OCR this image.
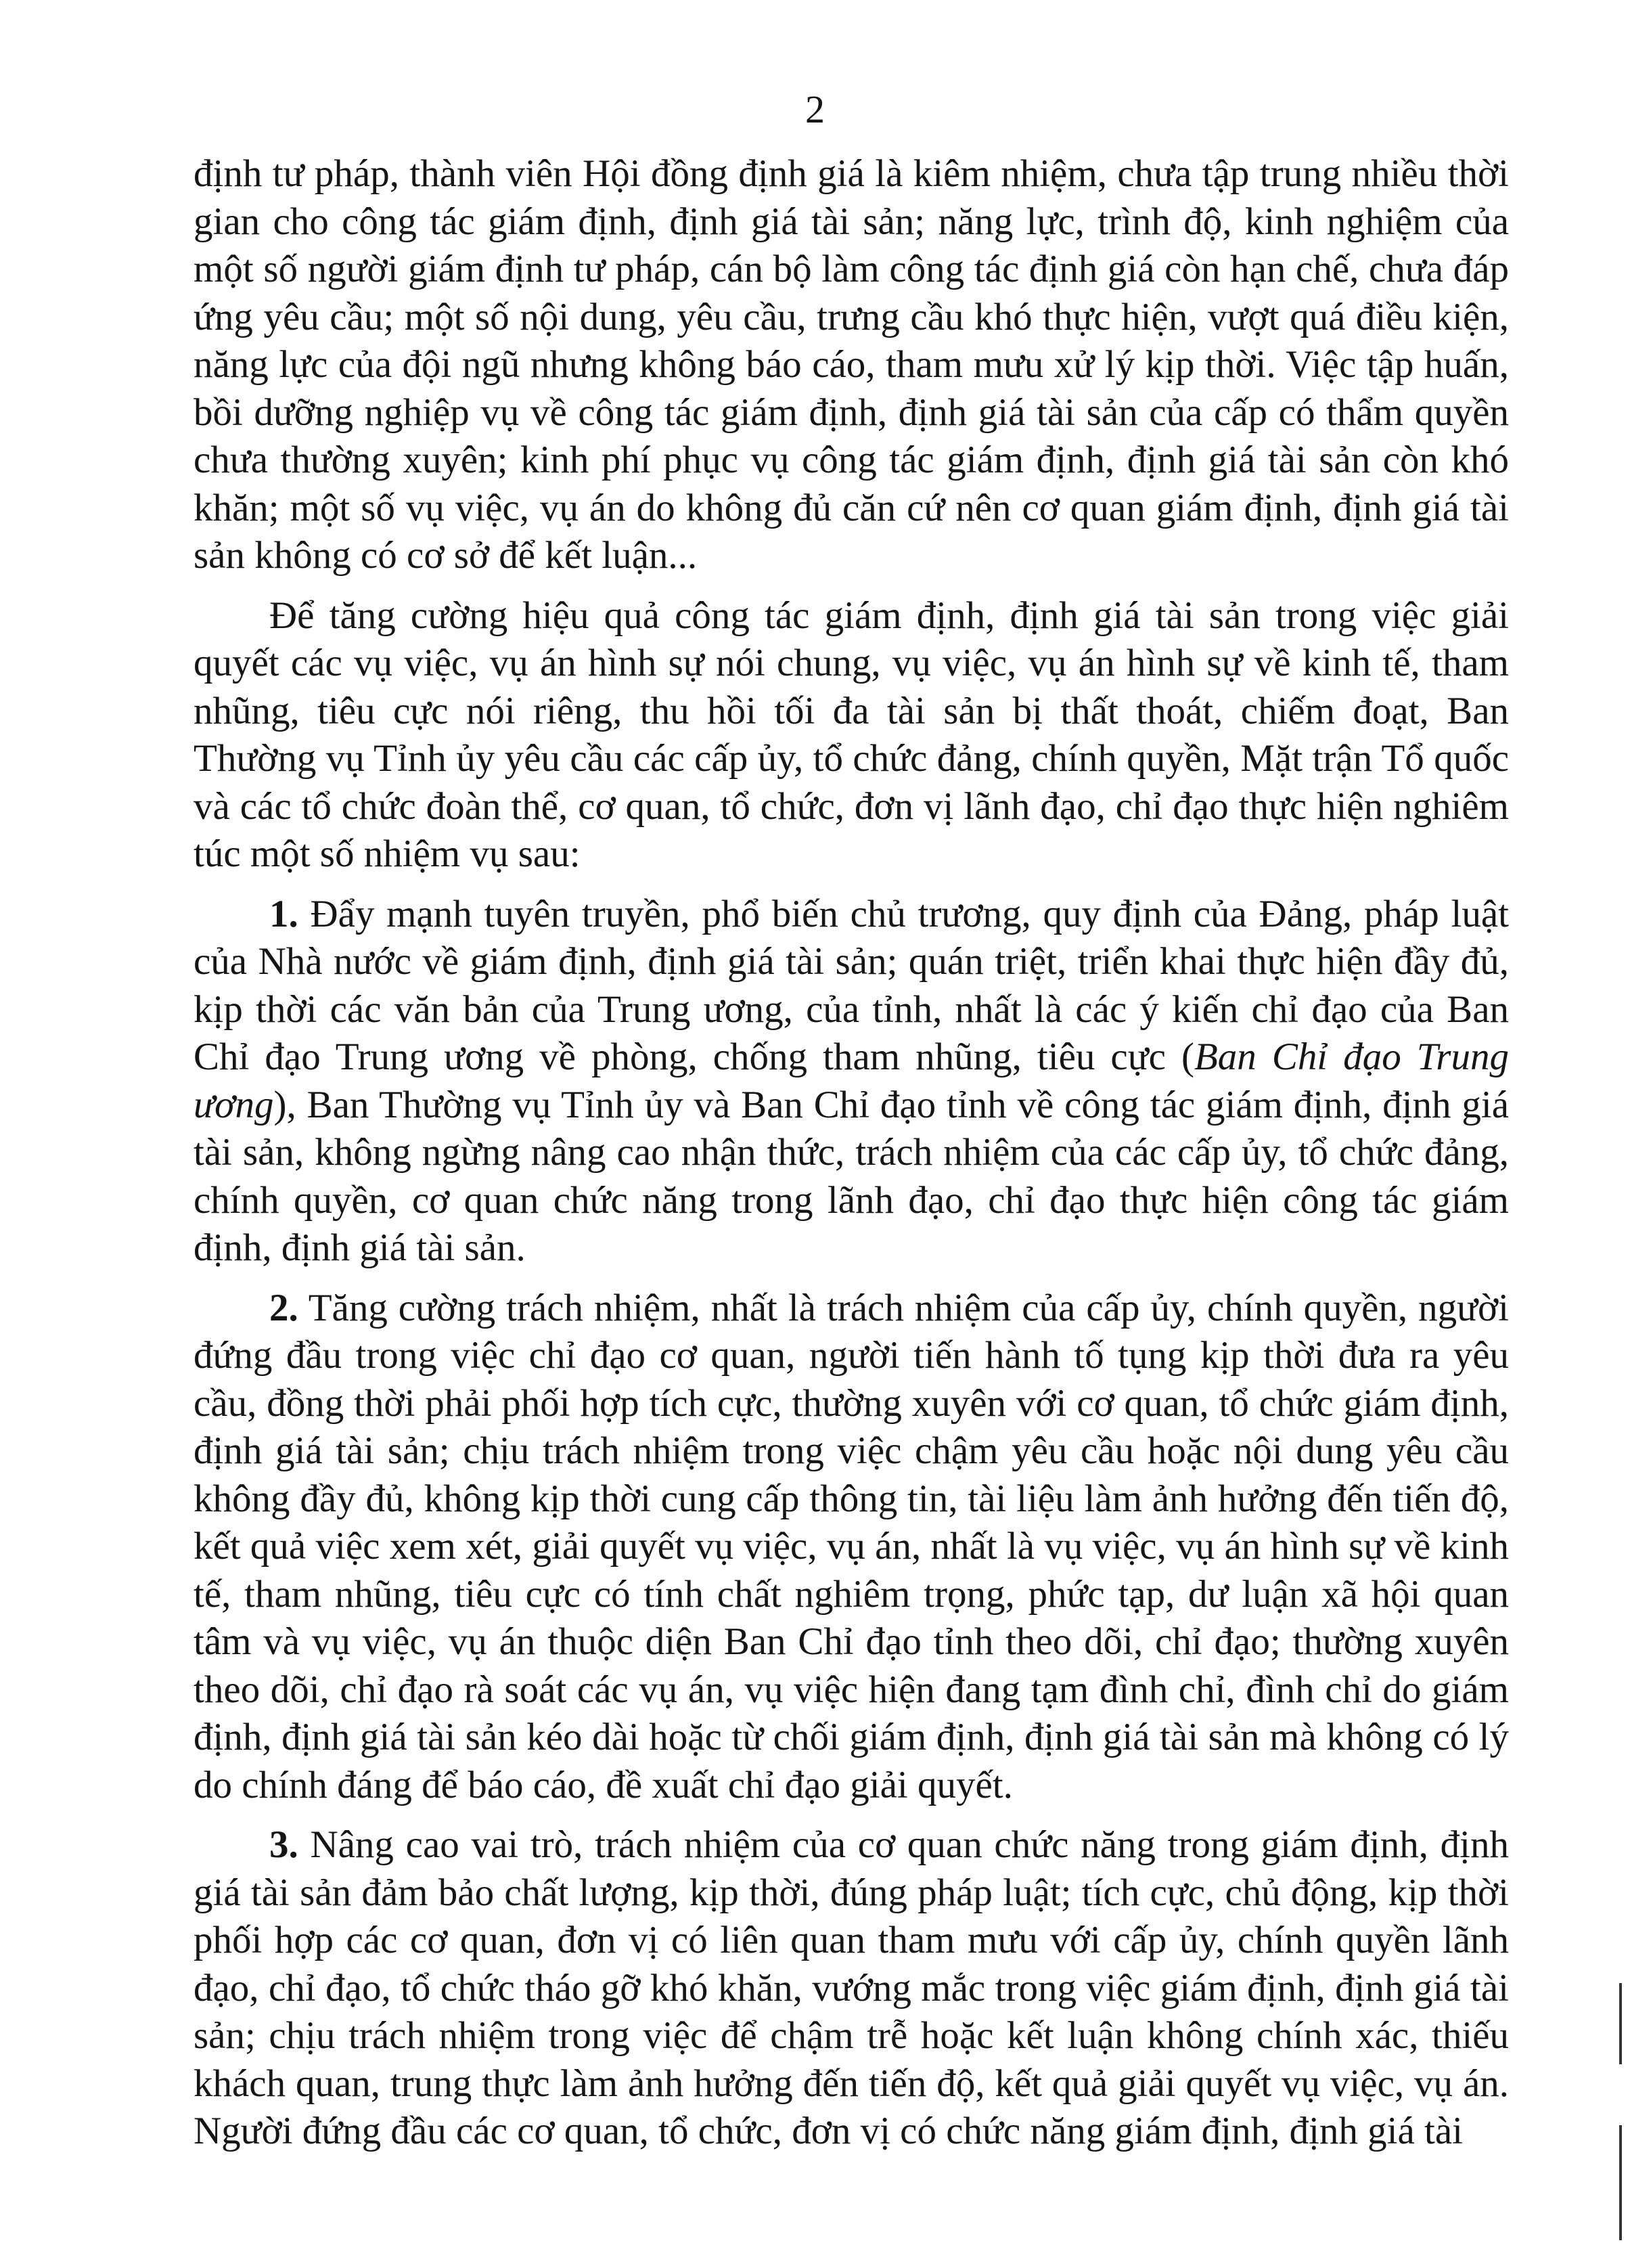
2

định tư pháp, thành viên Hội đồng định giá là kiêm nhiệm, chưa tập trung nhiều thời gian cho công tác giám định, định giá tài sản; năng lực, trình độ, kinh nghiệm của một số người giám định tư pháp, cán bộ làm công tác định giá còn hạn chế, chưa đáp ứng yêu cầu; một số nội dung, yêu cầu, trưng cầu khó thực hiện, vượt quá điều kiện, năng lực của đội ngũ nhưng không báo cáo, tham mưu xử lý kịp thời. Việc tập huấn, bồi dưỡng nghiệp vụ về công tác giám định, định giá tài sản của cấp có thẩm quyền chưa thường xuyên; kinh phí phục vụ công tác giám định, định giá tài sản còn khó khăn; một số vụ việc, vụ án do không đủ căn cứ nên cơ quan giám định, định giá tài sản không có cơ sở để kết luận...

Để tăng cường hiệu quả công tác giám định, định giá tài sản trong việc giải quyết các vụ việc, vụ án hình sự nói chung, vụ việc, vụ án hình sự về kinh tế, tham nhũng, tiêu cực nói riêng, thu hồi tối đa tài sản bị thất thoát, chiếm đoạt, Ban Thường vụ Tỉnh ủy yêu cầu các cấp ủy, tổ chức đảng, chính quyền, Mặt trận Tổ quốc và các tổ chức đoàn thể, cơ quan, tổ chức, đơn vị lãnh đạo, chỉ đạo thực hiện nghiêm túc một số nhiệm vụ sau:

1. Đẩy mạnh tuyên truyền, phổ biến chủ trương, quy định của Đảng, pháp luật của Nhà nước về giám định, định giá tài sản; quán triệt, triển khai thực hiện đầy đủ, kịp thời các văn bản của Trung ương, của tỉnh, nhất là các ý kiến chỉ đạo của Ban Chỉ đạo Trung ương về phòng, chống tham nhũng, tiêu cực (Ban Chỉ đạo Trung ương), Ban Thường vụ Tỉnh ủy và Ban Chỉ đạo tỉnh về công tác giám định, định giá tài sản, không ngừng nâng cao nhận thức, trách nhiệm của các cấp ủy, tổ chức đảng, chính quyền, cơ quan chức năng trong lãnh đạo, chỉ đạo thực hiện công tác giám định, định giá tài sản.

2. Tăng cường trách nhiệm, nhất là trách nhiệm của cấp ủy, chính quyền, người đứng đầu trong việc chỉ đạo cơ quan, người tiến hành tố tụng kịp thời đưa ra yêu cầu, đồng thời phải phối hợp tích cực, thường xuyên với cơ quan, tổ chức giám định, định giá tài sản; chịu trách nhiệm trong việc chậm yêu cầu hoặc nội dung yêu cầu không đầy đủ, không kịp thời cung cấp thông tin, tài liệu làm ảnh hưởng đến tiến độ, kết quả việc xem xét, giải quyết vụ việc, vụ án, nhất là vụ việc, vụ án hình sự về kinh tế, tham nhũng, tiêu cực có tính chất nghiêm trọng, phức tạp, dư luận xã hội quan tâm và vụ việc, vụ án thuộc diện Ban Chỉ đạo tỉnh theo dõi, chỉ đạo; thường xuyên theo dõi, chỉ đạo rà soát các vụ án, vụ việc hiện đang tạm đình chỉ, đình chỉ do giám định, định giá tài sản kéo dài hoặc từ chối giám định, định giá tài sản mà không có lý do chính đáng để báo cáo, đề xuất chỉ đạo giải quyết.

3. Nâng cao vai trò, trách nhiệm của cơ quan chức năng trong giám định, định giá tài sản đảm bảo chất lượng, kịp thời, đúng pháp luật; tích cực, chủ động, kịp thời phối hợp các cơ quan, đơn vị có liên quan tham mưu với cấp ủy, chính quyền lãnh đạo, chỉ đạo, tổ chức tháo gỡ khó khăn, vướng mắc trong việc giám định, định giá tài sản; chịu trách nhiệm trong việc để chậm trễ hoặc kết luận không chính xác, thiếu khách quan, trung thực làm ảnh hưởng đến tiến độ, kết quả giải quyết vụ việc, vụ án. Người đứng đầu các cơ quan, tổ chức, đơn vị có chức năng giám định, định giá tài
